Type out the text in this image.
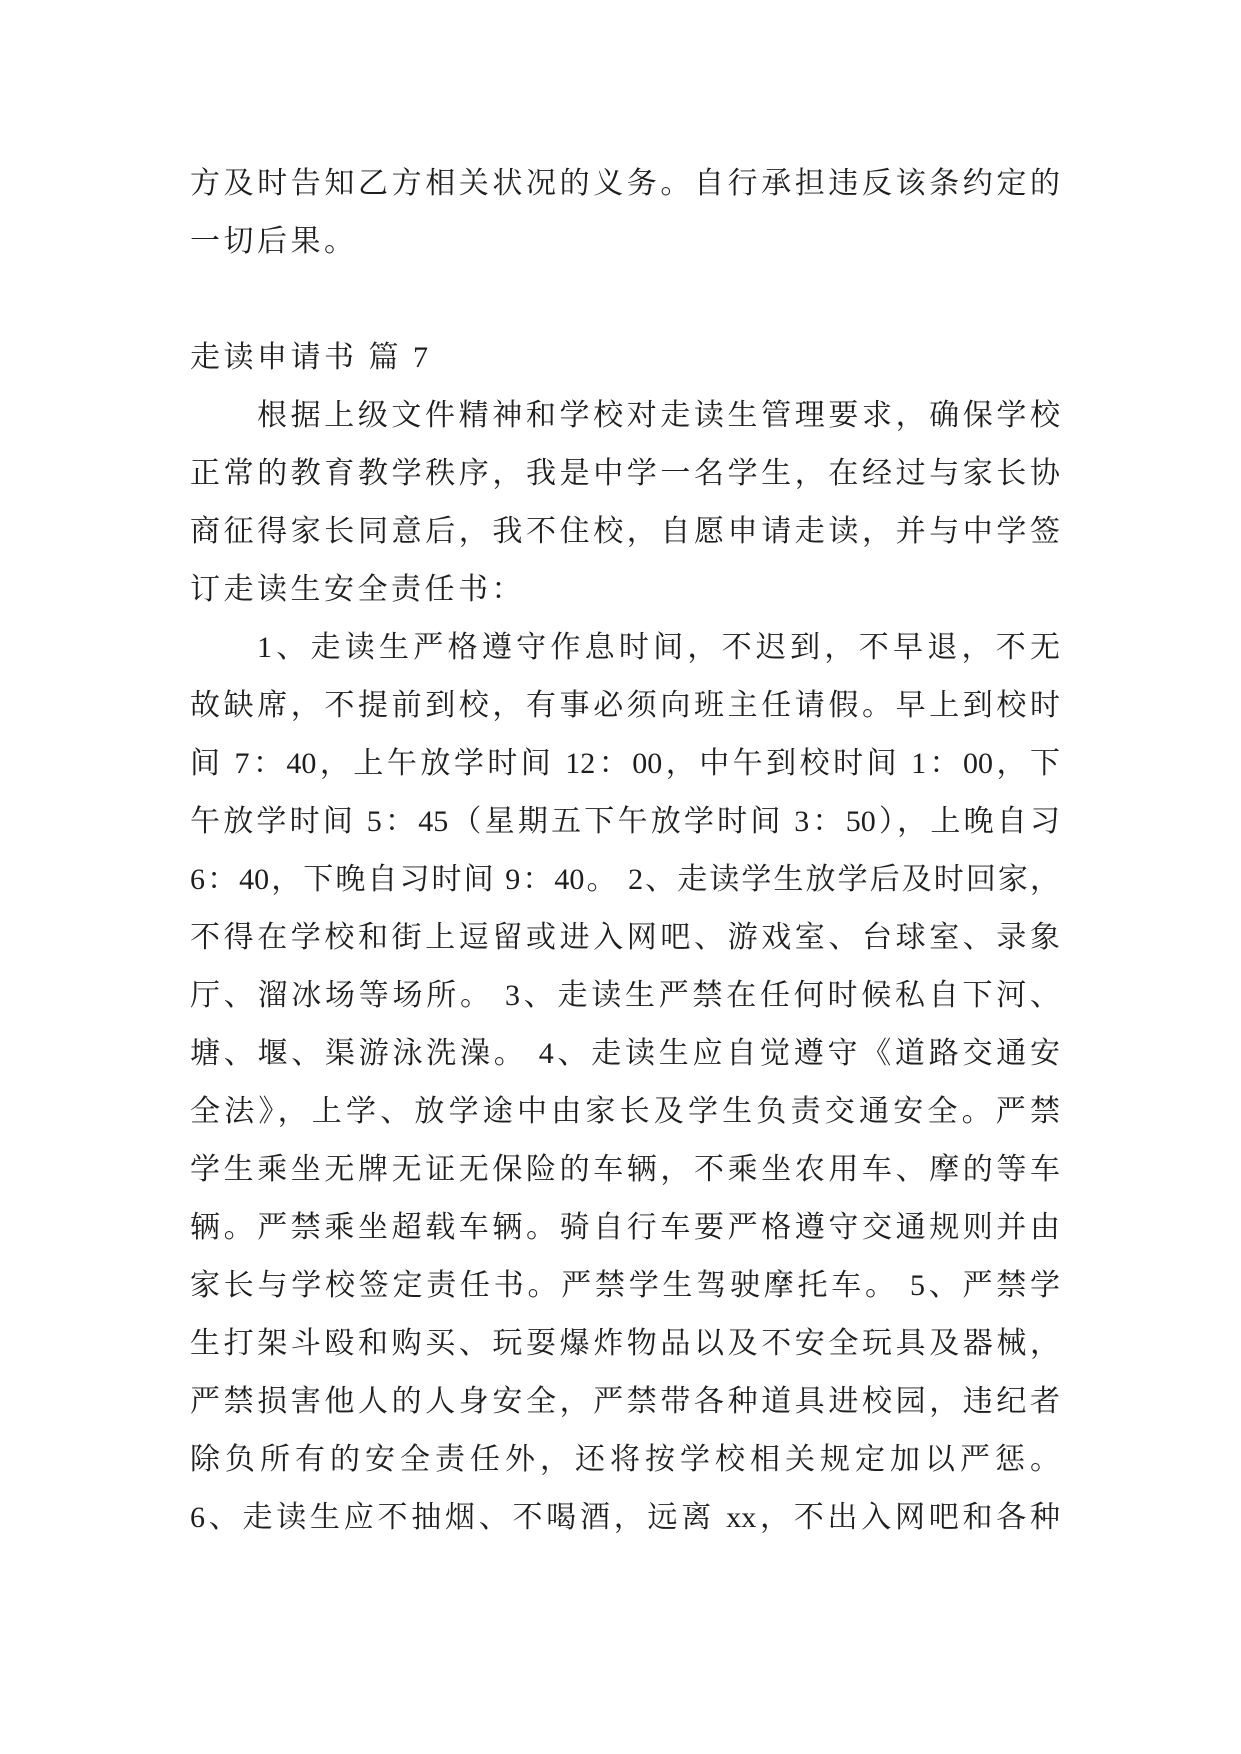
方及时告知乙方相关状况的义务。自行承担违反该条约定的
一切后果。
走读申请书 篇 7
根据上级文件精神和学校对走读生管理要求，确保学校
正常的教育教学秩序，我是中学一名学生，在经过与家长协
商征得家长同意后，我不住校，自愿申请走读，并与中学签
订走读生安全责任书：
1、走读生严格遵守作息时间，不迟到，不早退，不无
故缺席，不提前到校，有事必须向班主任请假。早上到校时
间 7：40，上午放学时间 12：00，中午到校时间 1：00，下
午放学时间 5：45（星期五下午放学时间 3：50），上晚自习
6：40，下晚自习时间 9：40。 2、走读学生放学后及时回家，
不得在学校和街上逗留或进入网吧、游戏室、台球室、录象
厅、溜冰场等场所。 3、走读生严禁在任何时候私自下河、
塘、堰、渠游泳洗澡。 4、走读生应自觉遵守《道路交通安
全法》，上学、放学途中由家长及学生负责交通安全。严禁
学生乘坐无牌无证无保险的车辆，不乘坐农用车、摩的等车
辆。严禁乘坐超载车辆。骑自行车要严格遵守交通规则并由
家长与学校签定责任书。严禁学生驾驶摩托车。 5、严禁学
生打架斗殴和购买、玩耍爆炸物品以及不安全玩具及器械，
严禁损害他人的人身安全，严禁带各种道具进校园，违纪者
除负所有的安全责任外，还将按学校相关规定加以严惩。
6、走读生应不抽烟、不喝酒，远离 xx，不出入网吧和各种
